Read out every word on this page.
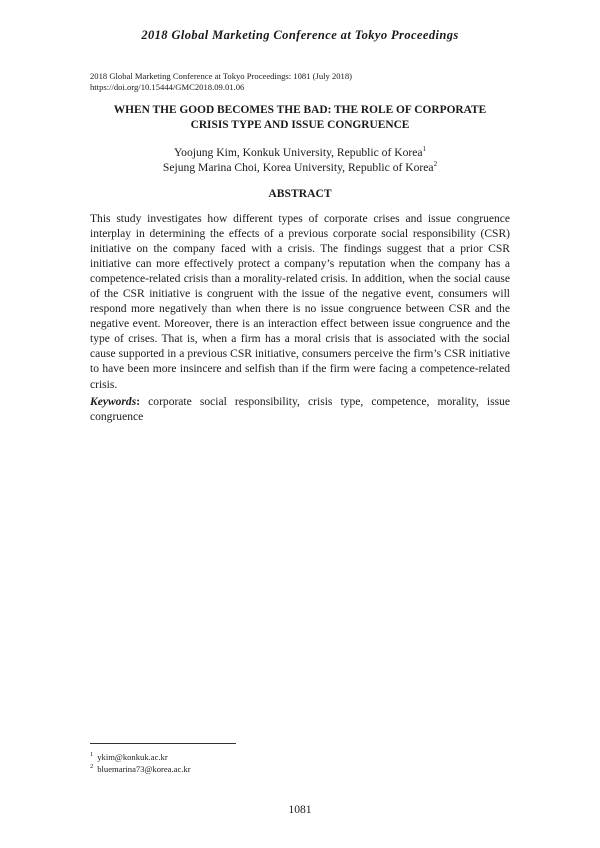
2018 Global Marketing Conference at Tokyo Proceedings
2018 Global Marketing Conference at Tokyo Proceedings: 1081 (July 2018)
https://doi.org/10.15444/GMC2018.09.01.06
WHEN THE GOOD BECOMES THE BAD: THE ROLE OF CORPORATE
CRISIS TYPE AND ISSUE CONGRUENCE
Yoojung Kim, Konkuk University, Republic of Korea$^1$
Sejung Marina Choi, Korea University, Republic of Korea$^2$
ABSTRACT
This study investigates how different types of corporate crises and issue congruence interplay in determining the effects of a previous corporate social responsibility (CSR) initiative on the company faced with a crisis. The findings suggest that a prior CSR initiative can more effectively protect a company’s reputation when the company has a competence-related crisis than a morality-related crisis. In addition, when the social cause of the CSR initiative is congruent with the issue of the negative event, consumers will respond more negatively than when there is no issue congruence between CSR and the negative event. Moreover, there is an interaction effect between issue congruence and the type of crises. That is, when a firm has a moral crisis that is associated with the social cause supported in a previous CSR initiative, consumers perceive the firm’s CSR initiative to have been more insincere and selfish than if the firm were facing a competence-related crisis.
Keywords: corporate social responsibility, crisis type, competence, morality, issue congruence
$^1$ ykim@konkuk.ac.kr
$^2$ bluemarina73@korea.ac.kr
1081
